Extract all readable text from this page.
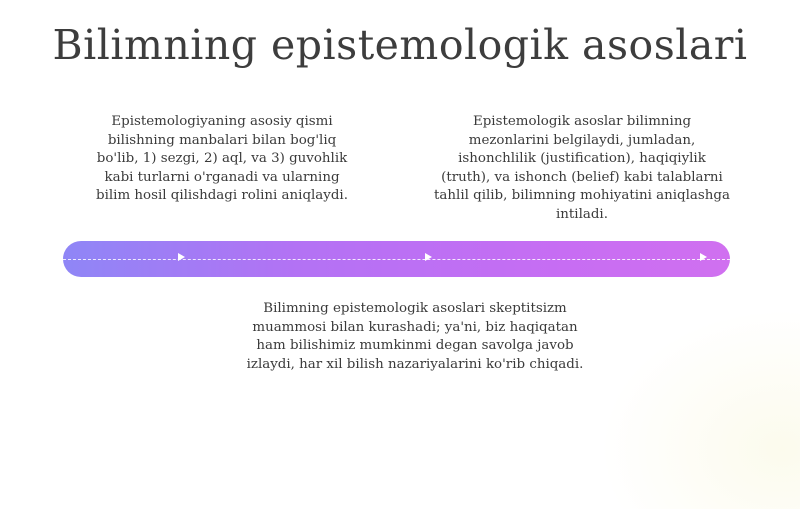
Bilimning epistemologik asoslari
Epistemologiyaning asosiy qismi
bilishning manbalari bilan bog'liq
bo'lib, 1) sezgi, 2) aql, va 3) guvohlik
kabi turlarni o'rganadi va ularning
bilim hosil qilishdagi rolini aniqlaydi.
Epistemologik asoslar bilimning
mezonlarini belgilaydi, jumladan,
ishonchlilik (justification), haqiqiylik
(truth), va ishonch (belief) kabi talablarni
tahlil qilib, bilimning mohiyatini aniqlashga
intiladi.
Bilimning epistemologik asoslari skeptitsizm
muammosi bilan kurashadi; ya'ni, biz haqiqatan
ham bilishimiz mumkinmi degan savolga javob
izlaydi, har xil bilish nazariyalarini ko'rib chiqadi.
